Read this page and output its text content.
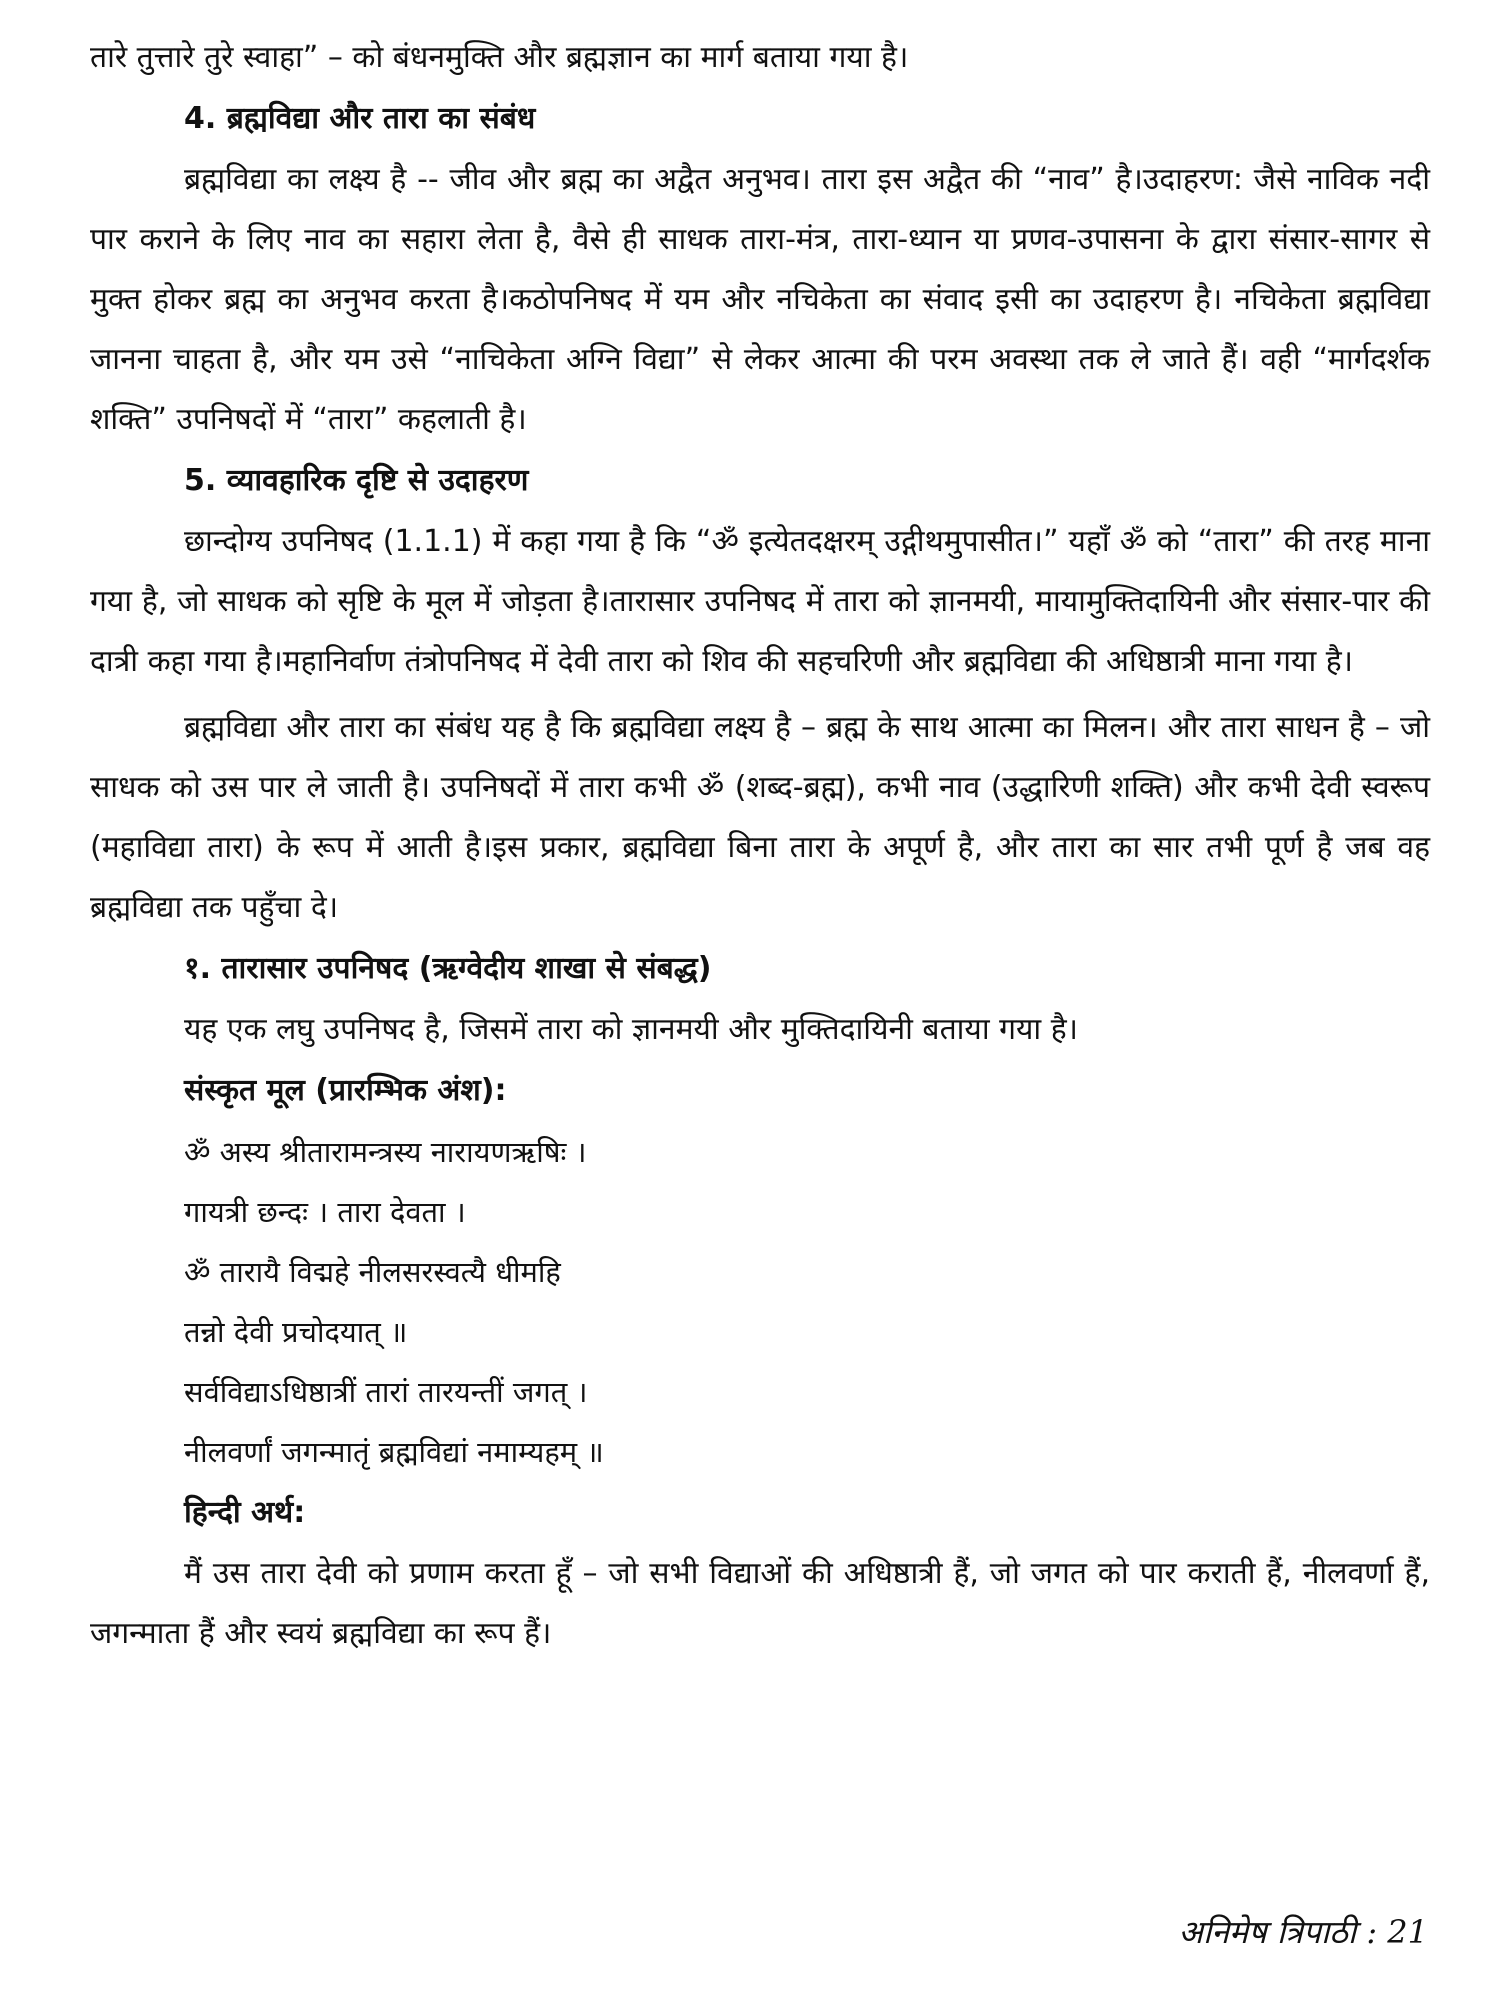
तारे तुत्तारे तुरे स्वाहा” – को बंधनमुक्ति और ब्रह्मज्ञान का मार्ग बताया गया है।

4. ब्रह्मविद्या और तारा का संबंध

ब्रह्मविद्या का लक्ष्य है -- जीव और ब्रह्म का अद्वैत अनुभव। तारा इस अद्वैत की “नाव” है।उदाहरण: जैसे नाविक नदी पार कराने के लिए नाव का सहारा लेता है, वैसे ही साधक तारा-मंत्र, तारा-ध्यान या प्रणव-उपासना के द्वारा संसार-सागर से मुक्त होकर ब्रह्म का अनुभव करता है।कठोपनिषद में यम और नचिकेता का संवाद इसी का उदाहरण है। नचिकेता ब्रह्मविद्या जानना चाहता है, और यम उसे “नाचिकेता अग्नि विद्या” से लेकर आत्मा की परम अवस्था तक ले जाते हैं। वही “मार्गदर्शक शक्ति” उपनिषदों में “तारा” कहलाती है।

5. व्यावहारिक दृष्टि से उदाहरण

छान्दोग्य उपनिषद (1.1.1) में कहा गया है कि “ॐ इत्येतदक्षरम् उद्गीथमुपासीत।” यहाँ ॐ को “तारा” की तरह माना गया है, जो साधक को सृष्टि के मूल में जोड़ता है।तारासार उपनिषद में तारा को ज्ञानमयी, मायामुक्तिदायिनी और संसार-पार की दात्री कहा गया है।महानिर्वाण तंत्रोपनिषद में देवी तारा को शिव की सहचरिणी और ब्रह्मविद्या की अधिष्ठात्री माना गया है।

ब्रह्मविद्या और तारा का संबंध यह है कि ब्रह्मविद्या लक्ष्य है – ब्रह्म के साथ आत्मा का मिलन। और तारा साधन है – जो साधक को उस पार ले जाती है। उपनिषदों में तारा कभी ॐ (शब्द-ब्रह्म), कभी नाव (उद्धारिणी शक्ति) और कभी देवी स्वरूप (महाविद्या तारा) के रूप में आती है।इस प्रकार, ब्रह्मविद्या बिना तारा के अपूर्ण है, और तारा का सार तभी पूर्ण है जब वह ब्रह्मविद्या तक पहुँचा दे।

१. तारासार उपनिषद (ऋग्वेदीय शाखा से संबद्ध)

यह एक लघु उपनिषद है, जिसमें तारा को ज्ञानमयी और मुक्तिदायिनी बताया गया है।

संस्कृत मूल (प्रारम्भिक अंश):

ॐ अस्य श्रीतारामन्त्रस्य नारायणऋषिः ।

गायत्री छन्दः । तारा देवता ।

ॐ तारायै विद्महे नीलसरस्वत्यै धीमहि

तन्नो देवी प्रचोदयात् ॥

सर्वविद्याऽधिष्ठात्रीं तारां तारयन्तीं जगत् ।

नीलवर्णां जगन्मातृं ब्रह्मविद्यां नमाम्यहम् ॥

हिन्दी अर्थ:

मैं उस तारा देवी को प्रणाम करता हूँ – जो सभी विद्याओं की अधिष्ठात्री हैं, जो जगत को पार कराती हैं, नीलवर्णा हैं, जगन्माता हैं और स्वयं ब्रह्मविद्या का रूप हैं।

अनिमेष त्रिपाठी : 21
